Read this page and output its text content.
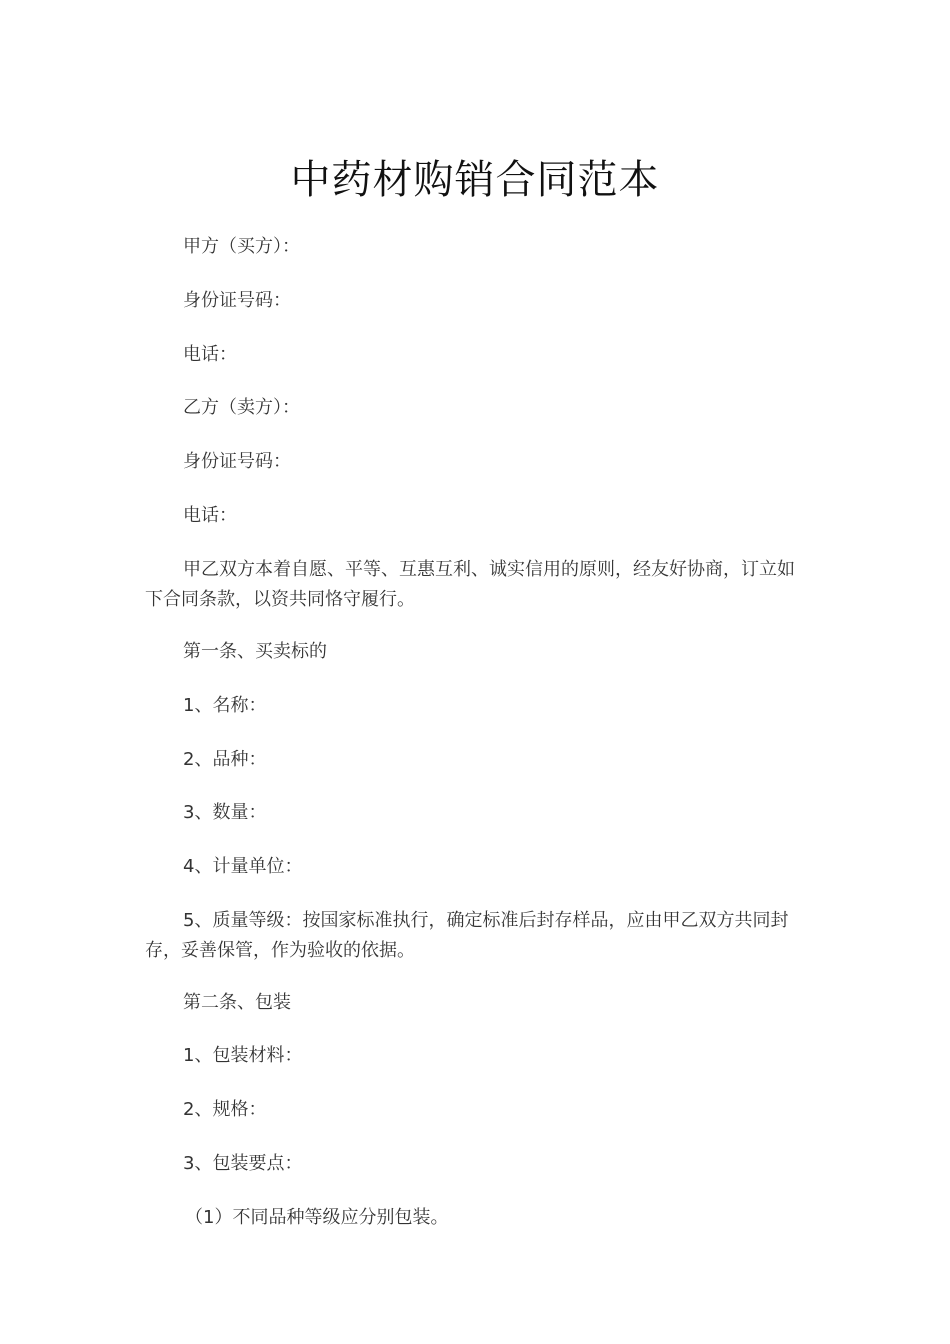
中药材购销合同范本
甲方（买方）：
身份证号码：
电话：
乙方（卖方）：
身份证号码：
电话：
甲乙双方本着自愿、平等、互惠互利、诚实信用的原则，经友好协商，订立如下合同条款，以资共同恪守履行。
第一条、买卖标的
1、名称：
2、品种：
3、数量：
4、计量单位：
5、质量等级：按国家标准执行，确定标准后封存样品，应由甲乙双方共同封存，妥善保管，作为验收的依据。
第二条、包装
1、包装材料：
2、规格：
3、包装要点：
（1）不同品种等级应分别包装。
